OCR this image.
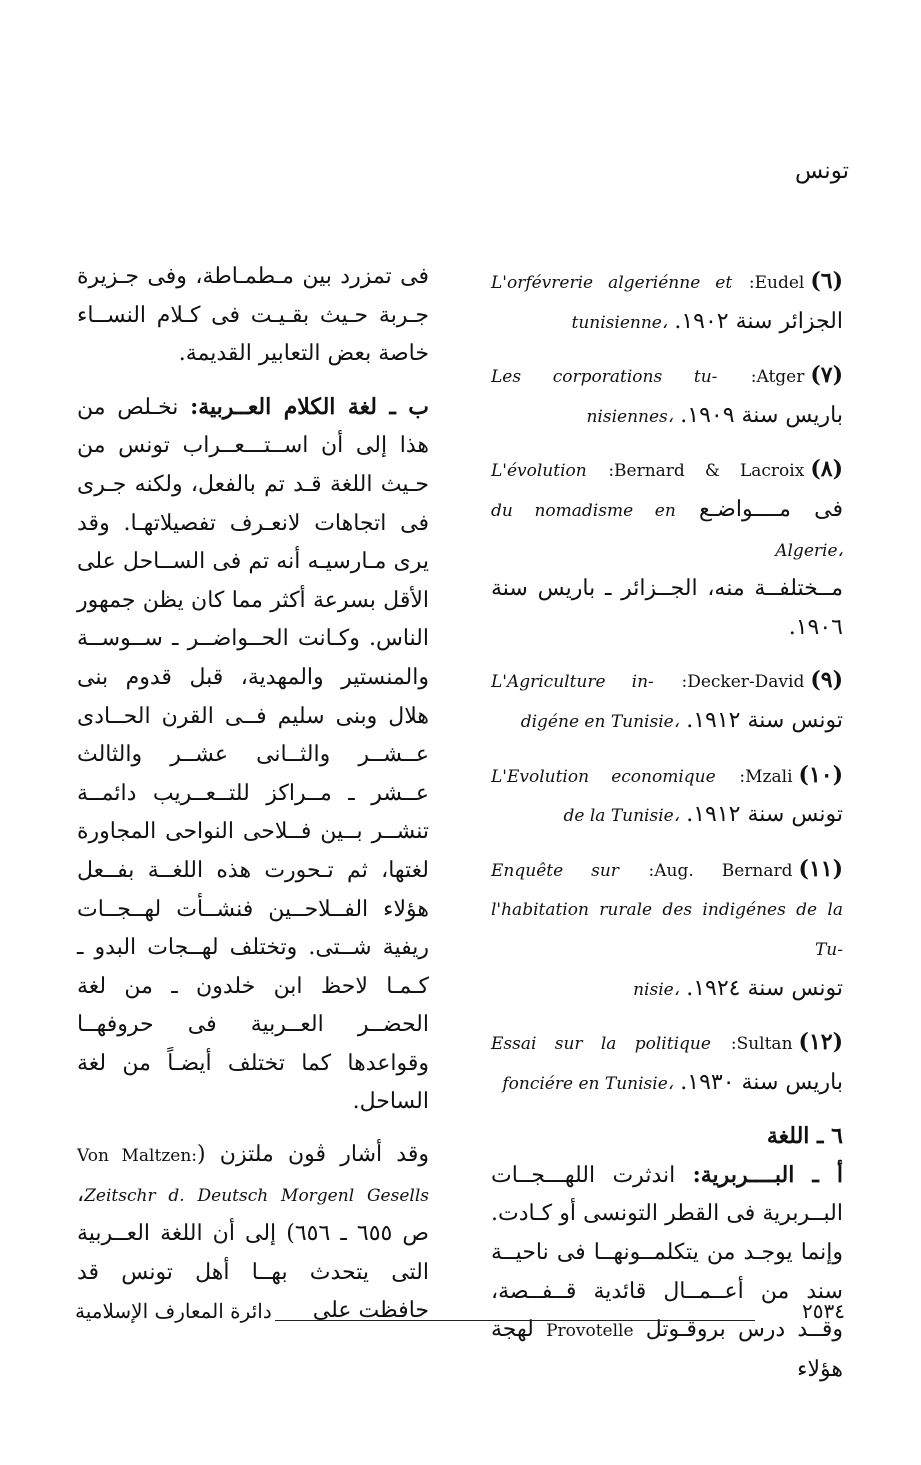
تونس
(٦):Eudel L'orfévrerie algeriénne et
الجزائر سنة ١٩٠٢. tunisienne،
(٧):Atger Les corporations tu-
باريس سنة ١٩٠٩. nisiennes،
(٨):Bernard & Lacroix L'évolution
فى مــــواضـع du nomadisme en Algerie،
مــختلفــة منه، الجــزائر ـ باريس سنة
١٩٠٦.
(٩):Decker-David L'Agriculture in-
تونس سنة ١٩١٢. digéne en Tunisie،
(١٠):Mzali L'Evolution economique
تونس سنة ١٩١٢. de la Tunisie،
(١١):Aug. Bernard Enquête sur
l'habitation rurale des indigénes de la Tu-
تونس سنة ١٩٢٤. nisie،
(١٢):Sultan Essai sur la politique
باريس سنة ١٩٣٠. fonciére en Tunisie،
٦ ـ اللغة
أ ـ البــــربرية: اندثرت اللهـــجــات البــربرية فى القطر التونسى أو كـادت. وإنما يوجـد من يتكلمــونهــا فى ناحيــة سند من أعــمــال قائدية قــفــصة، وقــد درس بروقـوتل Provotelle لهجة هؤلاء
فى تمزرد بين مـطمـاطة، وفى جـزيرة جـربة حـيث بقـيـت فى كـلام النســاء خاصة بعض التعابير القديمة.
ب ـ لغة الكلام العــربية: نخـلص من هذا إلى أن اســتـــعــراب تونس من حـيث اللغة قـد تم بالفعل، ولكنه جـرى فى اتجاهات لانعـرف تفصيلاتهـا. وقد يرى مـارسيـه أنه تم فى الســاحل على الأقل بسرعة أكثر مما كان يظن جمهور الناس. وكـانت الحــواضــر ـ ســوســة والمنستير والمهدية، قبل قدوم بنى هلال وبنى سليم فــى القرن الحــادى عــشــر والثــانى عشــر والثالث عــشر ـ مــراكز للتــعــريب دائمــة تنشــر بــين فــلاحى النواحى المجاورة لغتها، ثم تـحورت هذه اللغــة بفــعل هؤلاء الفــلاحــين فنشــأت لهــجــات ريفية شــتى. وتختلف لهــجات البدو ـ كـمـا لاحظ ابن خلدون ـ من لغة الحضــر العــربية فى حروفهــا وقواعدها كما تختلف أيضـاً من لغة الساحل.
وقد أشار ڤون ملتزن (Von Maltzen: Zeitschr d. Deutsch Morgenl Gesells، ص ٦٥٥ ـ ٦٥٦) إلى أن اللغة العــربية التى يتحدث بهــا أهل تونس قد حافظت على	٢٥٣٤
دائرة المعارف الإسلامية
